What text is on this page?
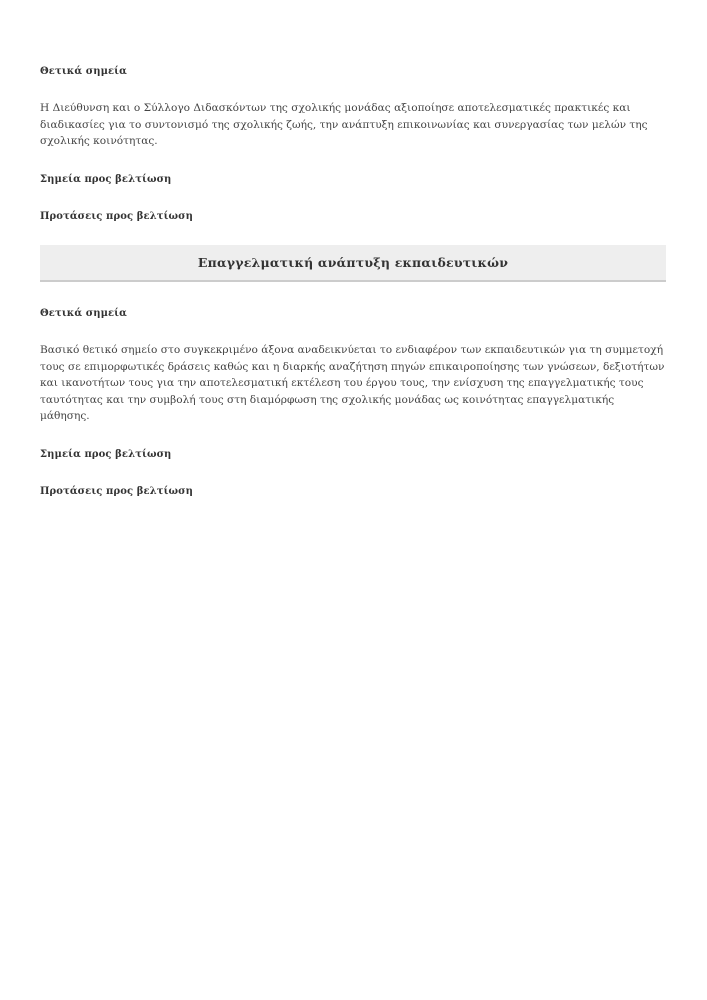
Θετικά σημεία

Η Διεύθυνση και ο Σύλλογο Διδασκόντων της σχολικής μονάδας αξιοποίησε αποτελεσματικές πρακτικές και διαδικασίες για το συντονισμό της σχολικής ζωής, την ανάπτυξη επικοινωνίας και συνεργασίας των μελών της σχολικής κοινότητας.

Σημεία προς βελτίωση
Προτάσεις προς βελτίωση
Επαγγελματική ανάπτυξη εκπαιδευτικών
Θετικά σημεία

Βασικό θετικό σημείο στο συγκεκριμένο άξονα αναδεικνύεται το ενδιαφέρον των εκπαιδευτικών για τη συμμετοχή τους σε επιμορφωτικές δράσεις καθώς και η διαρκής αναζήτηση πηγών επικαιροποίησης των γνώσεων, δεξιοτήτων και ικανοτήτων τους για την αποτελεσματική εκτέλεση του έργου τους, την ενίσχυση της επαγγελματικής τους ταυτότητας και την συμβολή τους στη διαμόρφωση της σχολικής μονάδας ως κοινότητας επαγγελματικής μάθησης.

Σημεία προς βελτίωση
Προτάσεις προς βελτίωση
